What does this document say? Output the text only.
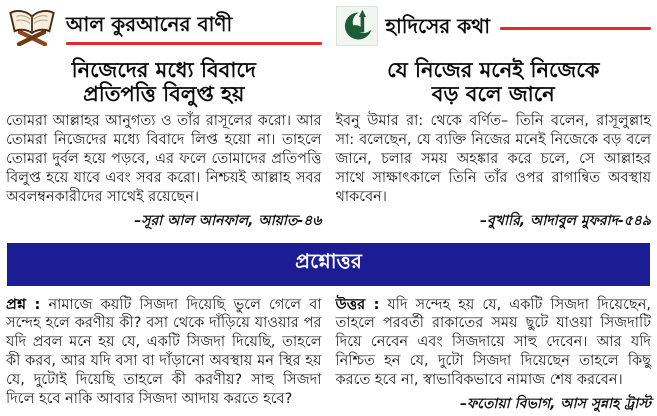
আল কুরআনের বাণী
নিজেদের মধ্যে বিবাদে
প্রতিপত্তি বিলুপ্ত হয়
তোমরা আল্লাহর আনুগত্য ও তাঁর রাসূলের করো। আর তোমরা নিজেদের মধ্যে বিবাদে লিপ্ত হয়ো না। তাহলে তোমরা দুর্বল হয়ে পড়বে, এর ফলে তোমাদের প্রতিপত্তি বিলুপ্ত হয়ে যাবে এবং সবর করো। নিশ্চয়ই আল্লাহ সবর অবলম্বনকারীদের সাথেই রয়েছেন।
–সূরা আল আনফাল, আয়াত-৪৬
হাদিসের কথা
যে নিজের মনেই নিজেকে
বড় বলে জানে
ইবনু উমার রা: থেকে বর্ণিত– তিনি বলেন, রাসূলুল্লাহ সা: বলেছেন, যে ব্যক্তি নিজের মনেই নিজেকে বড় বলে জানে, চলার সময় অহঙ্কার করে চলে, সে আল্লাহর সাথে সাক্ষাৎকালে তিনি তাঁর ওপর রাগান্বিত অবস্থায় থাকবেন।
–বুখারি, আদাবুল মুফরাদ-৫৪৯
প্রশ্নোত্তর
প্রশ্ন : নামাজে কয়টি সিজদা দিয়েছি ভুলে গেলে বা সন্দেহ হলে করণীয় কী? বসা থেকে দাঁড়িয়ে যাওয়ার পর যদি প্রবল মনে হয় যে, একটি সিজদা দিয়েছি, তাহলে কী করব, আর যদি বসা বা দাঁড়ানো অবস্থায় মন স্থির হয় যে, দুটোই দিয়েছি তাহলে কী করণীয়? সাহু সিজদা দিলে হবে নাকি আবার সিজদা আদায় করতে হবে?
উত্তর : যদি সন্দেহ হয় যে, একটি সিজদা দিয়েছেন, তাহলে পরবর্তী রাকাতের সময় ছুটে যাওয়া সিজদাটি দিয়ে নেবেন এবং সিজদায়ে সাহু দেবেন। আর যদি নিশ্চিত হন যে, দুটো সিজদা দিয়েছেন তাহলে কিছু করতে হবে না, স্বাভাবিকভাবে নামাজ শেষ করবেন।
–ফতোয়া বিভাগ, আস সুন্নাহ ট্রাস্ট
